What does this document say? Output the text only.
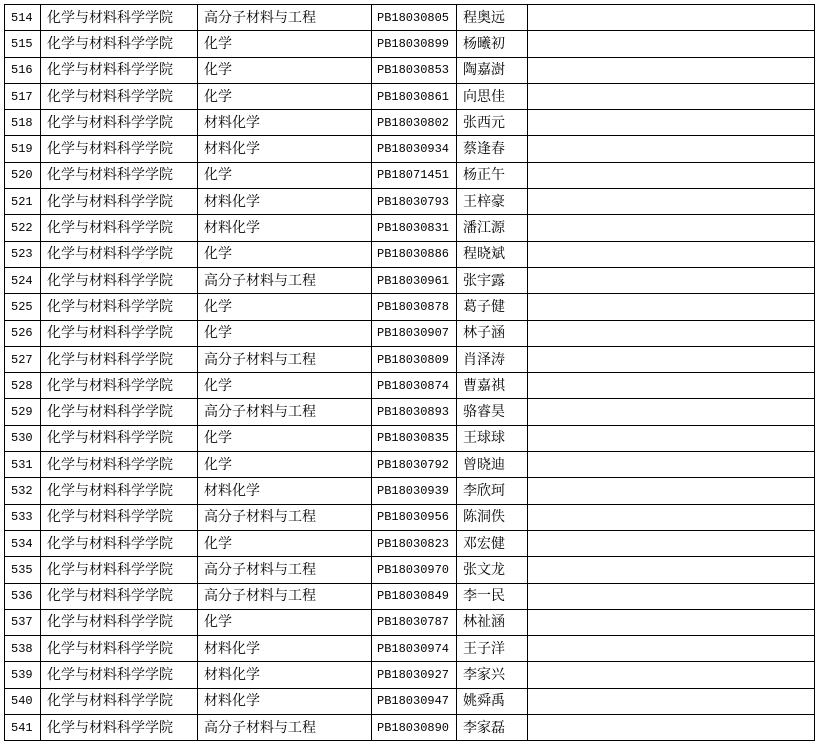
514	化学与材料科学学院	高分子材料与工程	PB18030805	程奥远	
515	化学与材料科学学院	化学	PB18030899	杨曦初	
516	化学与材料科学学院	化学	PB18030853	陶嘉澍	
517	化学与材料科学学院	化学	PB18030861	向思佳	
518	化学与材料科学学院	材料化学	PB18030802	张西元	
519	化学与材料科学学院	材料化学	PB18030934	蔡逢春	
520	化学与材料科学学院	化学	PB18071451	杨正午	
521	化学与材料科学学院	材料化学	PB18030793	王梓豪	
522	化学与材料科学学院	材料化学	PB18030831	潘江源	
523	化学与材料科学学院	化学	PB18030886	程晓斌	
524	化学与材料科学学院	高分子材料与工程	PB18030961	张宇露	
525	化学与材料科学学院	化学	PB18030878	葛子健	
526	化学与材料科学学院	化学	PB18030907	林子涵	
527	化学与材料科学学院	高分子材料与工程	PB18030809	肖泽涛	
528	化学与材料科学学院	化学	PB18030874	曹嘉祺	
529	化学与材料科学学院	高分子材料与工程	PB18030893	骆睿昊	
530	化学与材料科学学院	化学	PB18030835	王球球	
531	化学与材料科学学院	化学	PB18030792	曾晓迪	
532	化学与材料科学学院	材料化学	PB18030939	李欣珂	
533	化学与材料科学学院	高分子材料与工程	PB18030956	陈洞佚	
534	化学与材料科学学院	化学	PB18030823	邓宏健	
535	化学与材料科学学院	高分子材料与工程	PB18030970	张文龙	
536	化学与材料科学学院	高分子材料与工程	PB18030849	李一民	
537	化学与材料科学学院	化学	PB18030787	林祉涵	
538	化学与材料科学学院	材料化学	PB18030974	王子洋	
539	化学与材料科学学院	材料化学	PB18030927	李家兴	
540	化学与材料科学学院	材料化学	PB18030947	姚舜禹	
541	化学与材料科学学院	高分子材料与工程	PB18030890	李家磊	
